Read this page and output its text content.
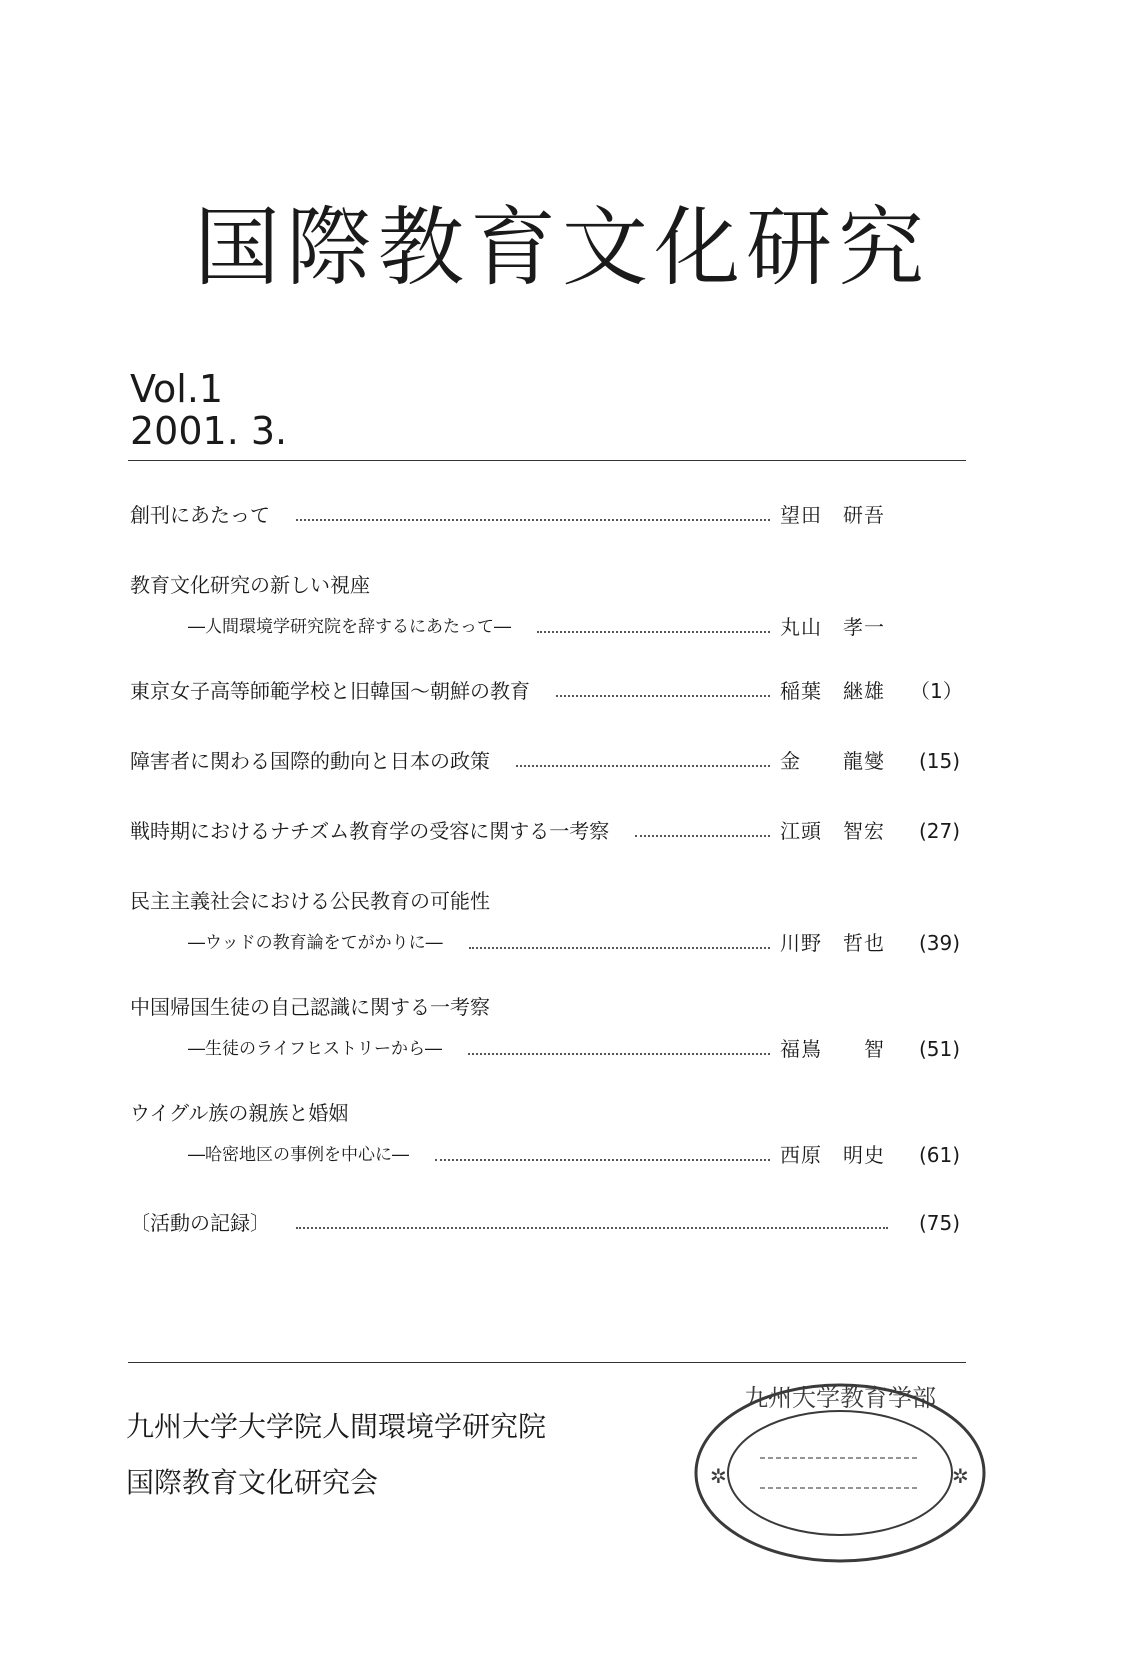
国際教育文化研究
Vol.1
2001. 3.
創刊にあたって	望田　研吾
教育文化研究の新しい視座
―人間環境学研究院を辞するにあたって―	丸山　孝一
東京女子高等師範学校と旧韓国～朝鮮の教育	稲葉　継雄	（1）
障害者に関わる国際的動向と日本の政策	金　　龍燮	(15)
戦時期におけるナチズム教育学の受容に関する一考察	江頭　智宏	(27)
民主主義社会における公民教育の可能性
―ウッドの教育論をてがかりに―	川野　哲也	(39)
中国帰国生徒の自己認識に関する一考察
―生徒のライフヒストリーから―	福嶌　　智	(51)
ウイグル族の親族と婚姻
―哈密地区の事例を中心に―	西原　明史	(61)
〔活動の記録〕	(75)
九州大学大学院人間環境学研究院
国際教育文化研究会
九州大学教育学部
✲	✲
